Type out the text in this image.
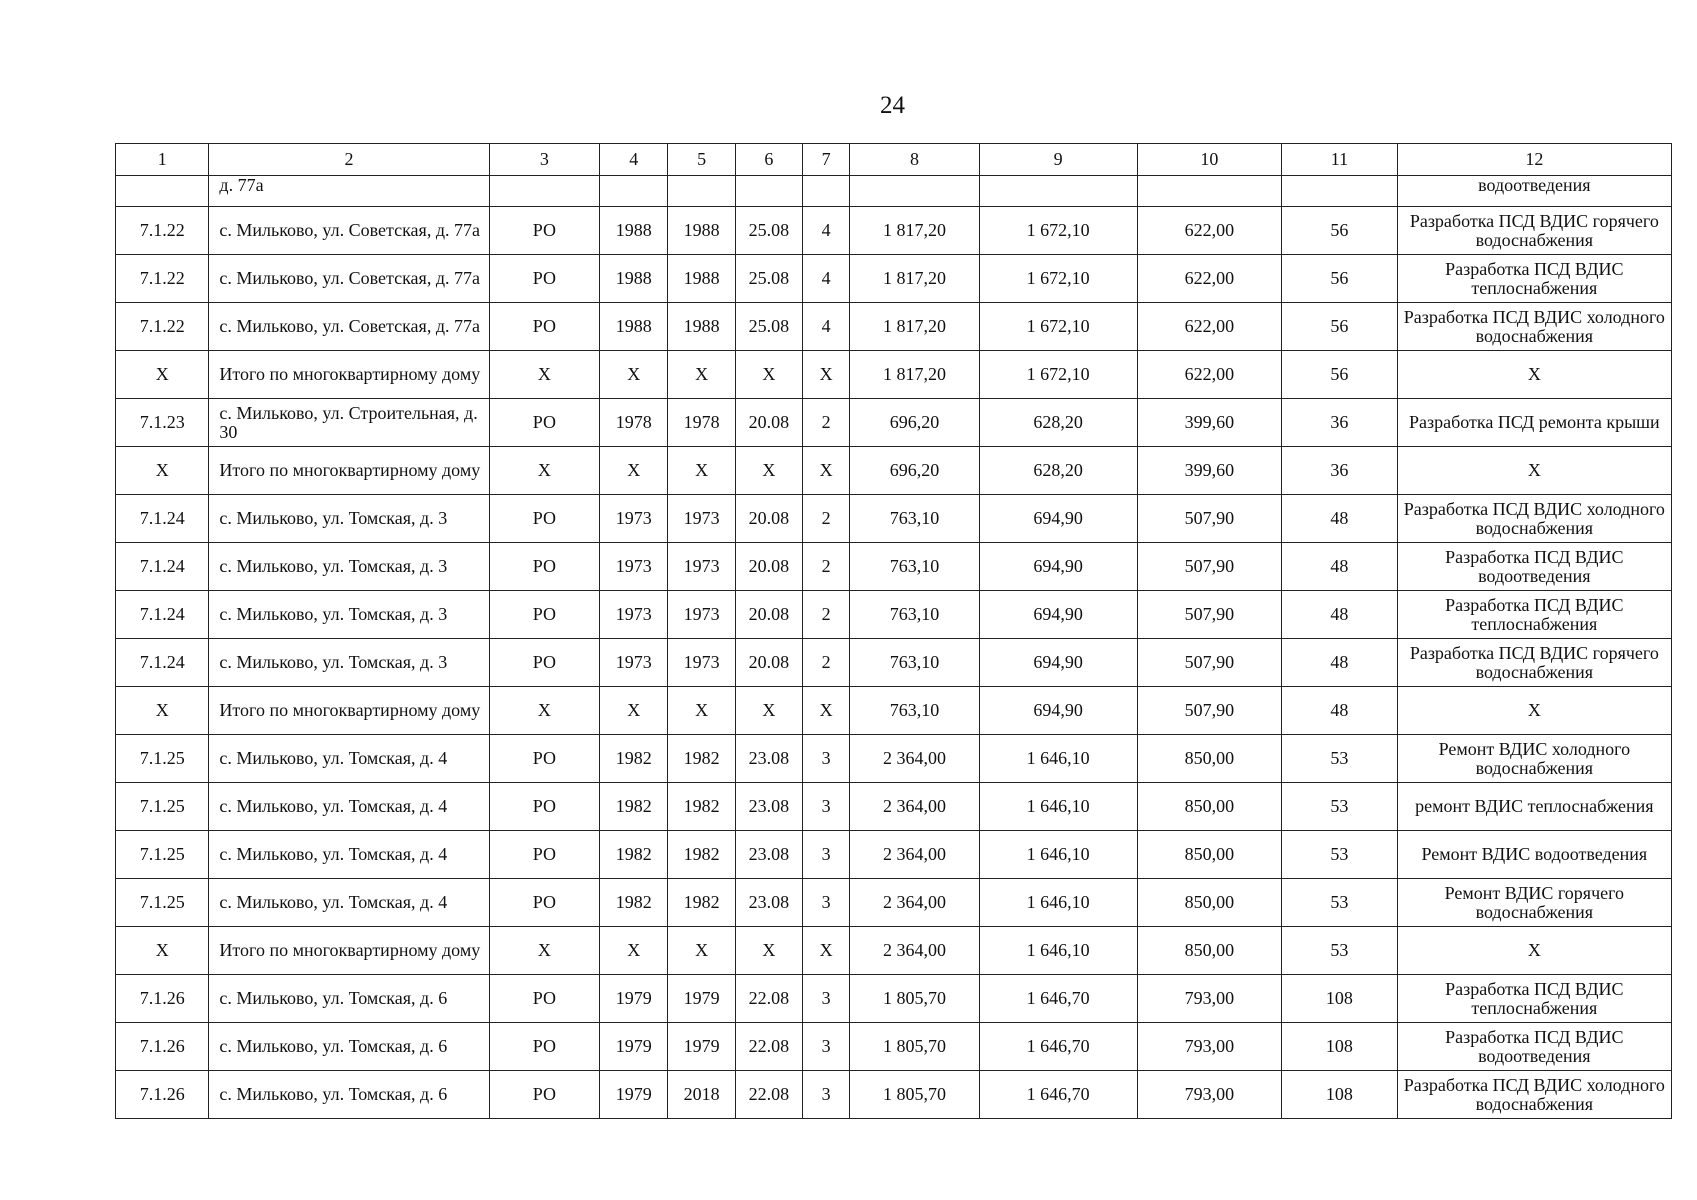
24
1	2	3	4	5	6	7	8	9	10	11	12
	д. 77а										водоотведения
7.1.22	с. Мильково, ул. Советская, д. 77а	РО	1988	1988	25.08	4	1 817,20	1 672,10	622,00	56	Разработка ПСД ВДИС горячего водоснабжения
7.1.22	с. Мильково, ул. Советская, д. 77а	РО	1988	1988	25.08	4	1 817,20	1 672,10	622,00	56	Разработка ПСД ВДИС теплоснабжения
7.1.22	с. Мильково, ул. Советская, д. 77а	РО	1988	1988	25.08	4	1 817,20	1 672,10	622,00	56	Разработка ПСД ВДИС холодного водоснабжения
Х	Итого по многоквартирному дому	Х	Х	Х	Х	Х	1 817,20	1 672,10	622,00	56	Х
7.1.23	с. Мильково, ул. Строительная, д. 30	РО	1978	1978	20.08	2	696,20	628,20	399,60	36	Разработка ПСД ремонта крыши
Х	Итого по многоквартирному дому	Х	Х	Х	Х	Х	696,20	628,20	399,60	36	Х
7.1.24	с. Мильково, ул. Томская, д. 3	РО	1973	1973	20.08	2	763,10	694,90	507,90	48	Разработка ПСД ВДИС холодного водоснабжения
7.1.24	с. Мильково, ул. Томская, д. 3	РО	1973	1973	20.08	2	763,10	694,90	507,90	48	Разработка ПСД ВДИС водоотведения
7.1.24	с. Мильково, ул. Томская, д. 3	РО	1973	1973	20.08	2	763,10	694,90	507,90	48	Разработка ПСД ВДИС теплоснабжения
7.1.24	с. Мильково, ул. Томская, д. 3	РО	1973	1973	20.08	2	763,10	694,90	507,90	48	Разработка ПСД ВДИС горячего водоснабжения
Х	Итого по многоквартирному дому	Х	Х	Х	Х	Х	763,10	694,90	507,90	48	Х
7.1.25	с. Мильково, ул. Томская, д. 4	РО	1982	1982	23.08	3	2 364,00	1 646,10	850,00	53	Ремонт ВДИС холодного водоснабжения
7.1.25	с. Мильково, ул. Томская, д. 4	РО	1982	1982	23.08	3	2 364,00	1 646,10	850,00	53	ремонт ВДИС теплоснабжения
7.1.25	с. Мильково, ул. Томская, д. 4	РО	1982	1982	23.08	3	2 364,00	1 646,10	850,00	53	Ремонт ВДИС водоотведения
7.1.25	с. Мильково, ул. Томская, д. 4	РО	1982	1982	23.08	3	2 364,00	1 646,10	850,00	53	Ремонт ВДИС горячего водоснабжения
Х	Итого по многоквартирному дому	Х	Х	Х	Х	Х	2 364,00	1 646,10	850,00	53	Х
7.1.26	с. Мильково, ул. Томская, д. 6	РО	1979	1979	22.08	3	1 805,70	1 646,70	793,00	108	Разработка ПСД ВДИС теплоснабжения
7.1.26	с. Мильково, ул. Томская, д. 6	РО	1979	1979	22.08	3	1 805,70	1 646,70	793,00	108	Разработка ПСД ВДИС водоотведения
7.1.26	с. Мильково, ул. Томская, д. 6	РО	1979	2018	22.08	3	1 805,70	1 646,70	793,00	108	Разработка ПСД ВДИС холодного водоснабжения
